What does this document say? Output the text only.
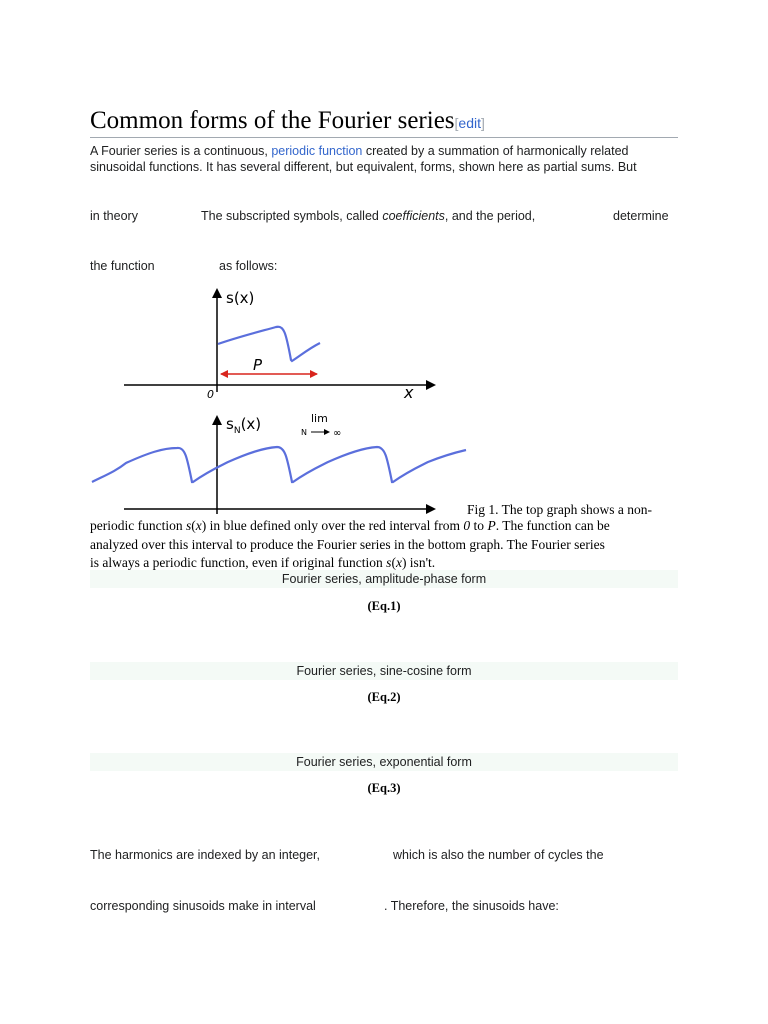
Common forms of the Fourier series[edit]
A Fourier series is a continuous, periodic function created by a summation of harmonically related
sinusoidal functions. It has several different, but equivalent, forms, shown here as partial sums. But
in theory	The subscripted symbols, called coefficients, and the period,	determine
the function	as follows:
s(x)
0	x
P
$s_N(x)$	lim
N	∞
Fig 1. The top graph shows a non-
periodic function s(x) in blue defined only over the red interval from 0 to P. The function can be
analyzed over this interval to produce the Fourier series in the bottom graph. The Fourier series
is always a periodic function, even if original function s(x) isn't.
Fourier series, amplitude-phase form
(Eq.1)
Fourier series, sine-cosine form
(Eq.2)
Fourier series, exponential form
(Eq.3)
The harmonics are indexed by an integer,	which is also the number of cycles the
corresponding sinusoids make in interval	. Therefore, the sinusoids have:
